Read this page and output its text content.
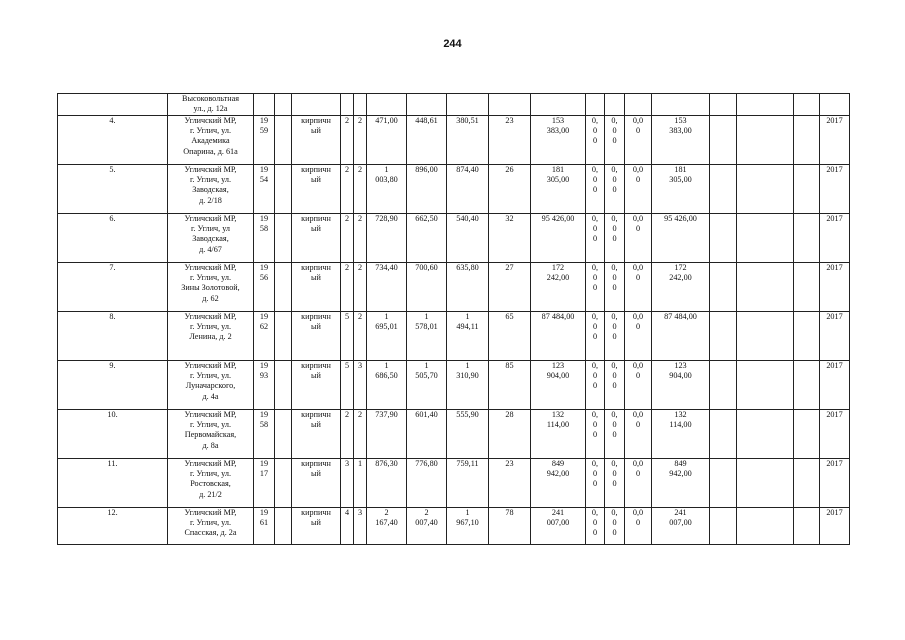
244
	Высоковольтная
ул., д. 12а																		
4.	Угличский МР,
г. Углич, ул.
Академика
Опарина, д. 61а	19
59		кирпичн
ый	2	2	471,00	448,61	380,51	23	153
383,00	0,
0
0	0,
0
0	0,0
0	153
383,00				2017
5.	Угличский МР,
г. Углич, ул.
Заводская,
д. 2/18	19
54		кирпичн
ый	2	2	1
003,80	896,00	874,40	26	181
305,00	0,
0
0	0,
0
0	0,0
0	181
305,00				2017
6.	Угличский МР,
г. Углич, ул
Заводская,
д. 4/67	19
58		кирпичн
ый	2	2	728,90	662,50	540,40	32	95 426,00	0,
0
0	0,
0
0	0,0
0	95 426,00				2017
7.	Угличский МР,
г. Углич, ул.
Зины Золотовой,
д. 62	19
56		кирпичн
ый	2	2	734,40	700,60	635,80	27	172
242,00	0,
0
0	0,
0
0	0,0
0	172
242,00				2017
8.	Угличский МР,
г. Углич, ул.
Ленина, д. 2	19
62		кирпичн
ый	5	2	1
695,01	1
578,01	1
494,11	65	87 484,00	0,
0
0	0,
0
0	0,0
0	87 484,00				2017
9.	Угличский МР,
г. Углич, ул.
Луначарского,
д. 4а	19
93		кирпичн
ый	5	3	1
686,50	1
505,70	1
310,90	85	123
904,00	0,
0
0	0,
0
0	0,0
0	123
904,00				2017
10.	Угличский МР,
г. Углич, ул.
Первомайская,
д. 8а	19
58		кирпичн
ый	2	2	737,90	601,40	555,90	28	132
114,00	0,
0
0	0,
0
0	0,0
0	132
114,00				2017
11.	Угличский МР,
г. Углич, ул.
Ростовская,
д. 21/2	19
17		кирпичн
ый	3	1	876,30	776,80	759,11	23	849
942,00	0,
0
0	0,
0
0	0,0
0	849
942,00				2017
12.	Угличский МР,
г. Углич, ул.
Спасская, д. 2а	19
61		кирпичн
ый	4	3	2
167,40	2
007,40	1
967,10	78	241
007,00	0,
0
0	0,
0
0	0,0
0	241
007,00				2017
